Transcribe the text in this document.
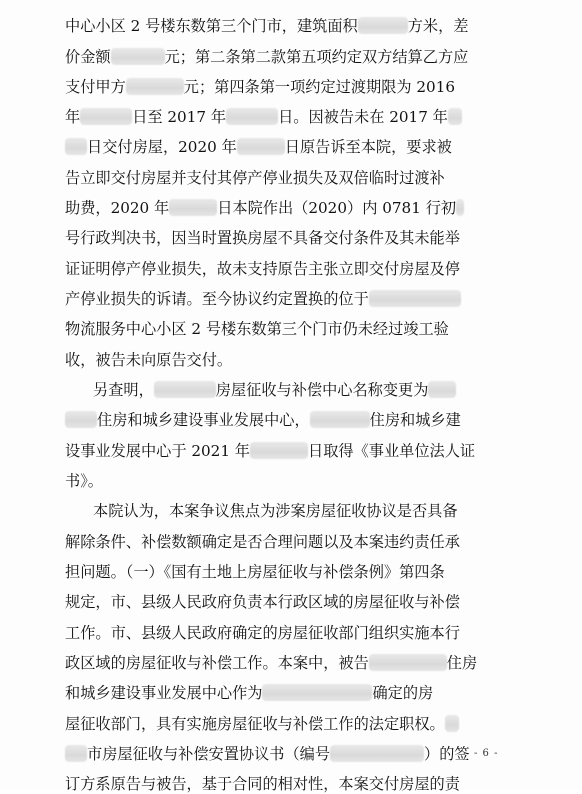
中心小区 2 号楼东数第三个门市，建筑面积	方米，差
价金额	元；第二条第二款第五项约定双方结算乙方应
支付甲方	元；第四条第一项约定过渡期限为 2016
年	日至 2017 年	日。因被告未在 2017 年
日交付房屋，2020 年	日原告诉至本院，要求被
告立即交付房屋并支付其停产停业损失及双倍临时过渡补
助费，2020 年	日本院作出（2020）内 0781 行初
号行政判决书，因当时置换房屋不具备交付条件及其未能举
证证明停产停业损失，故未支持原告主张立即交付房屋及停
产停业损失的诉请。至今协议约定置换的位于
物流服务中心小区 2 号楼东数第三个门市仍未经过竣工验
收，被告未向原告交付。
另查明，	房屋征收与补偿中心名称变更为
住房和城乡建设事业发展中心，	住房和城乡建
设事业发展中心于 2021 年	日取得《事业单位法人证
书》。
本院认为，本案争议焦点为涉案房屋征收协议是否具备
解除条件、补偿数额确定是否合理问题以及本案违约责任承
担问题。（一）《国有土地上房屋征收与补偿条例》第四条
规定，市、县级人民政府负责本行政区域的房屋征收与补偿
工作。市、县级人民政府确定的房屋征收部门组织实施本行
政区域的房屋征收与补偿工作。本案中，被告	住房
和城乡建设事业发展中心作为	确定的房
屋征收部门，具有实施房屋征收与补偿工作的法定职权。
市房屋征收与补偿安置协议书（编号	）的签
订方系原告与被告，基于合同的相对性，本案交付房屋的责
- 6 -
